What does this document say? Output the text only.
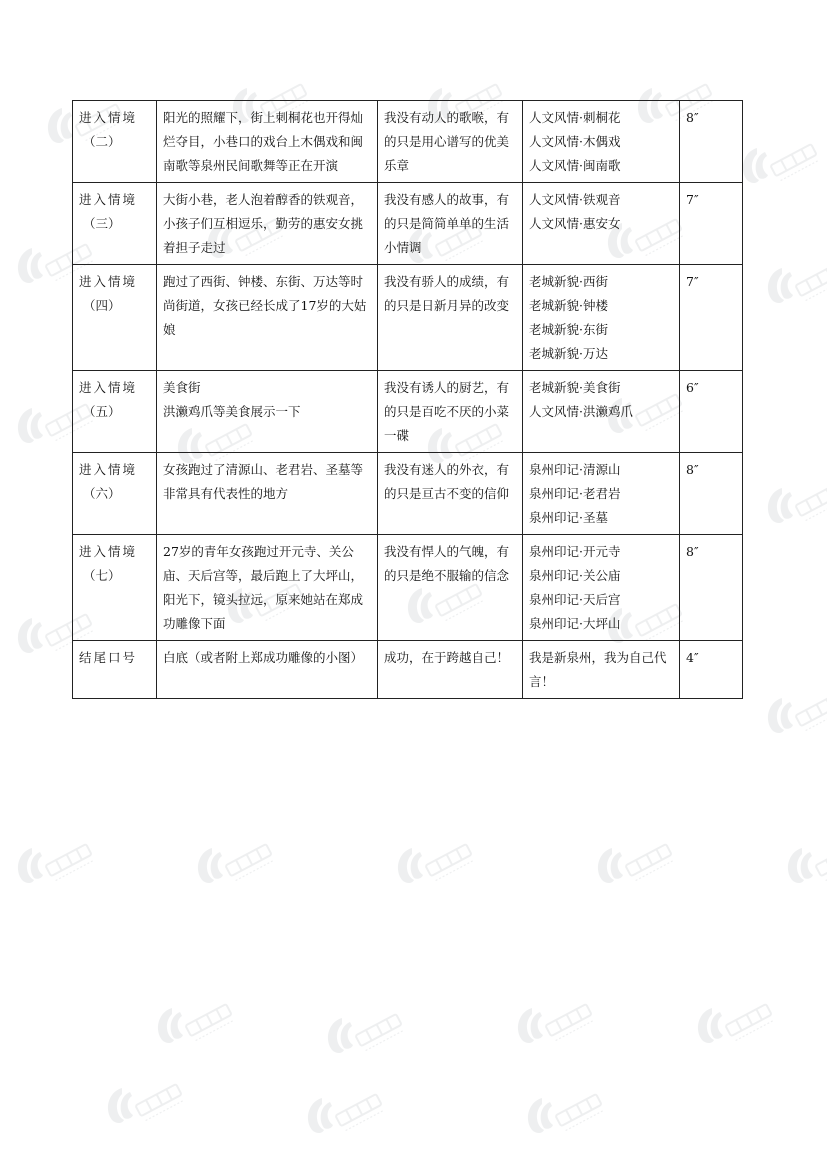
进入情境
（二）	阳光的照耀下，街上刺桐花也开得灿烂夺目，小巷口的戏台上木偶戏和闽南歌等泉州民间歌舞等正在开演	我没有动人的歌喉，有的只是用心谱写的优美乐章	人文风情·刺桐花
人文风情·木偶戏
人文风情·闽南歌	8″
进入情境
（三）	大街小巷，老人泡着醇香的铁观音，小孩子们互相逗乐，勤劳的惠安女挑着担子走过	我没有感人的故事，有的只是简简单单的生活小情调	人文风情·铁观音
人文风情·惠安女	7″
进入情境
（四）	跑过了西街、钟楼、东街、万达等时尚街道，女孩已经长成了17岁的大姑娘	我没有骄人的成绩，有的只是日新月异的改变	老城新貌·西街
老城新貌·钟楼
老城新貌·东街
老城新貌·万达	7″
进入情境
（五）	美食街
洪濑鸡爪等美食展示一下	我没有诱人的厨艺，有的只是百吃不厌的小菜一碟	老城新貌·美食街
人文风情·洪濑鸡爪	6″
进入情境
（六）	女孩跑过了清源山、老君岩、圣墓等非常具有代表性的地方	我没有迷人的外衣，有的只是亘古不变的信仰	泉州印记·清源山
泉州印记·老君岩
泉州印记·圣墓	8″
进入情境
（七）	27岁的青年女孩跑过开元寺、关公庙、天后宫等，最后跑上了大坪山，阳光下，镜头拉远，原来她站在郑成功雕像下面	我没有悍人的气魄，有的只是绝不服输的信念	泉州印记·开元寺
泉州印记·关公庙
泉州印记·天后宫
泉州印记·大坪山	8″
结尾口号	白底（或者附上郑成功雕像的小图）	成功，在于跨越自己！	我是新泉州，我为自己代言！	4″
